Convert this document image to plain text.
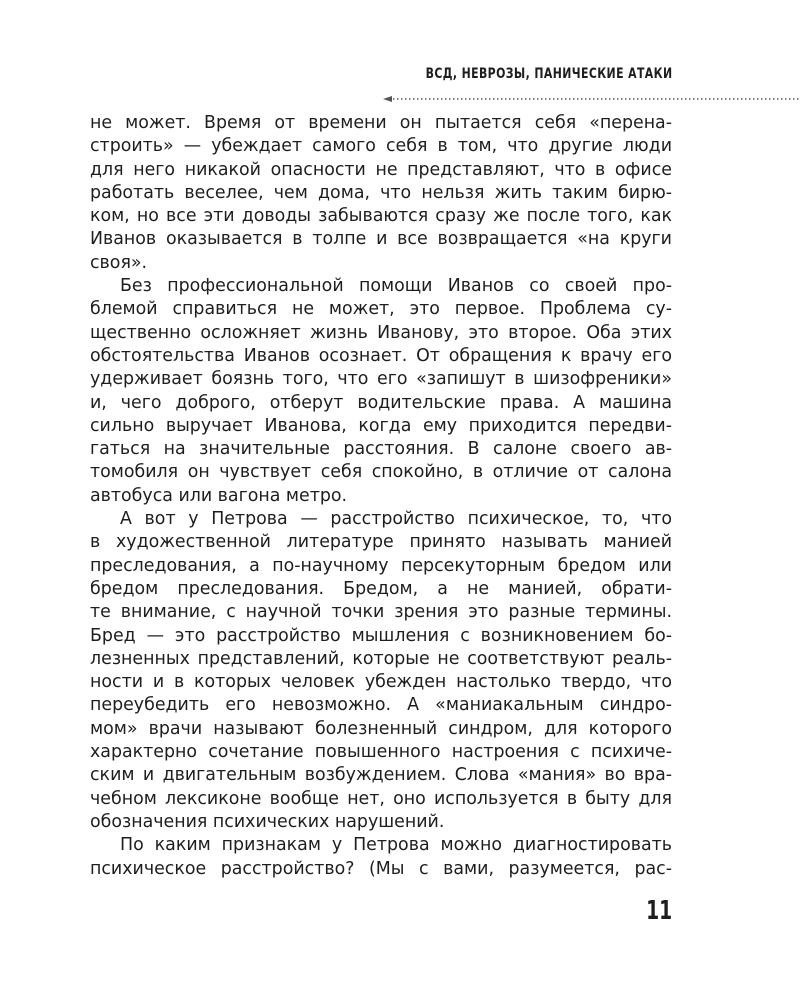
ВСД, НЕВРОЗЫ, ПАНИЧЕСКИЕ АТАКИ

не может. Время от времени он пытается себя «перена-
строить» — убеждает самого себя в том, что другие люди
для него никакой опасности не представляют, что в офисе
работать веселее, чем дома, что нельзя жить таким бирю-
ком, но все эти доводы забываются сразу же после того, как
Иванов оказывается в толпе и все возвращается «на круги
своя».

Без профессиональной помощи Иванов со своей про-
блемой справиться не может, это первое. Проблема су-
щественно осложняет жизнь Иванову, это второе. Оба этих
обстоятельства Иванов осознает. От обращения к врачу его
удерживает боязнь того, что его «запишут в шизофреники»
и, чего доброго, отберут водительские права. А машина
сильно выручает Иванова, когда ему приходится передви-
гаться на значительные расстояния. В салоне своего ав-
томобиля он чувствует себя спокойно, в отличие от салона
автобуса или вагона метро.

А вот у Петрова — расстройство психическое, то, что
в художественной литературе принято называть манией
преследования, а по-научному персекуторным бредом или
бредом преследования. Бредом, а не манией, обрати-
те внимание, с научной точки зрения это разные термины.
Бред — это расстройство мышления с возникновением бо-
лезненных представлений, которые не соответствуют реаль-
ности и в которых человек убежден настолько твердо, что
переубедить его невозможно. А «маниакальным синдро-
мом» врачи называют болезненный синдром, для которого
характерно сочетание повышенного настроения с психиче-
ским и двигательным возбуждением. Слова «мания» во вра-
чебном лексиконе вообще нет, оно используется в быту для
обозначения психических нарушений.

По каким признакам у Петрова можно диагностировать
психическое расстройство? (Мы с вами, разумеется, рас-

11
